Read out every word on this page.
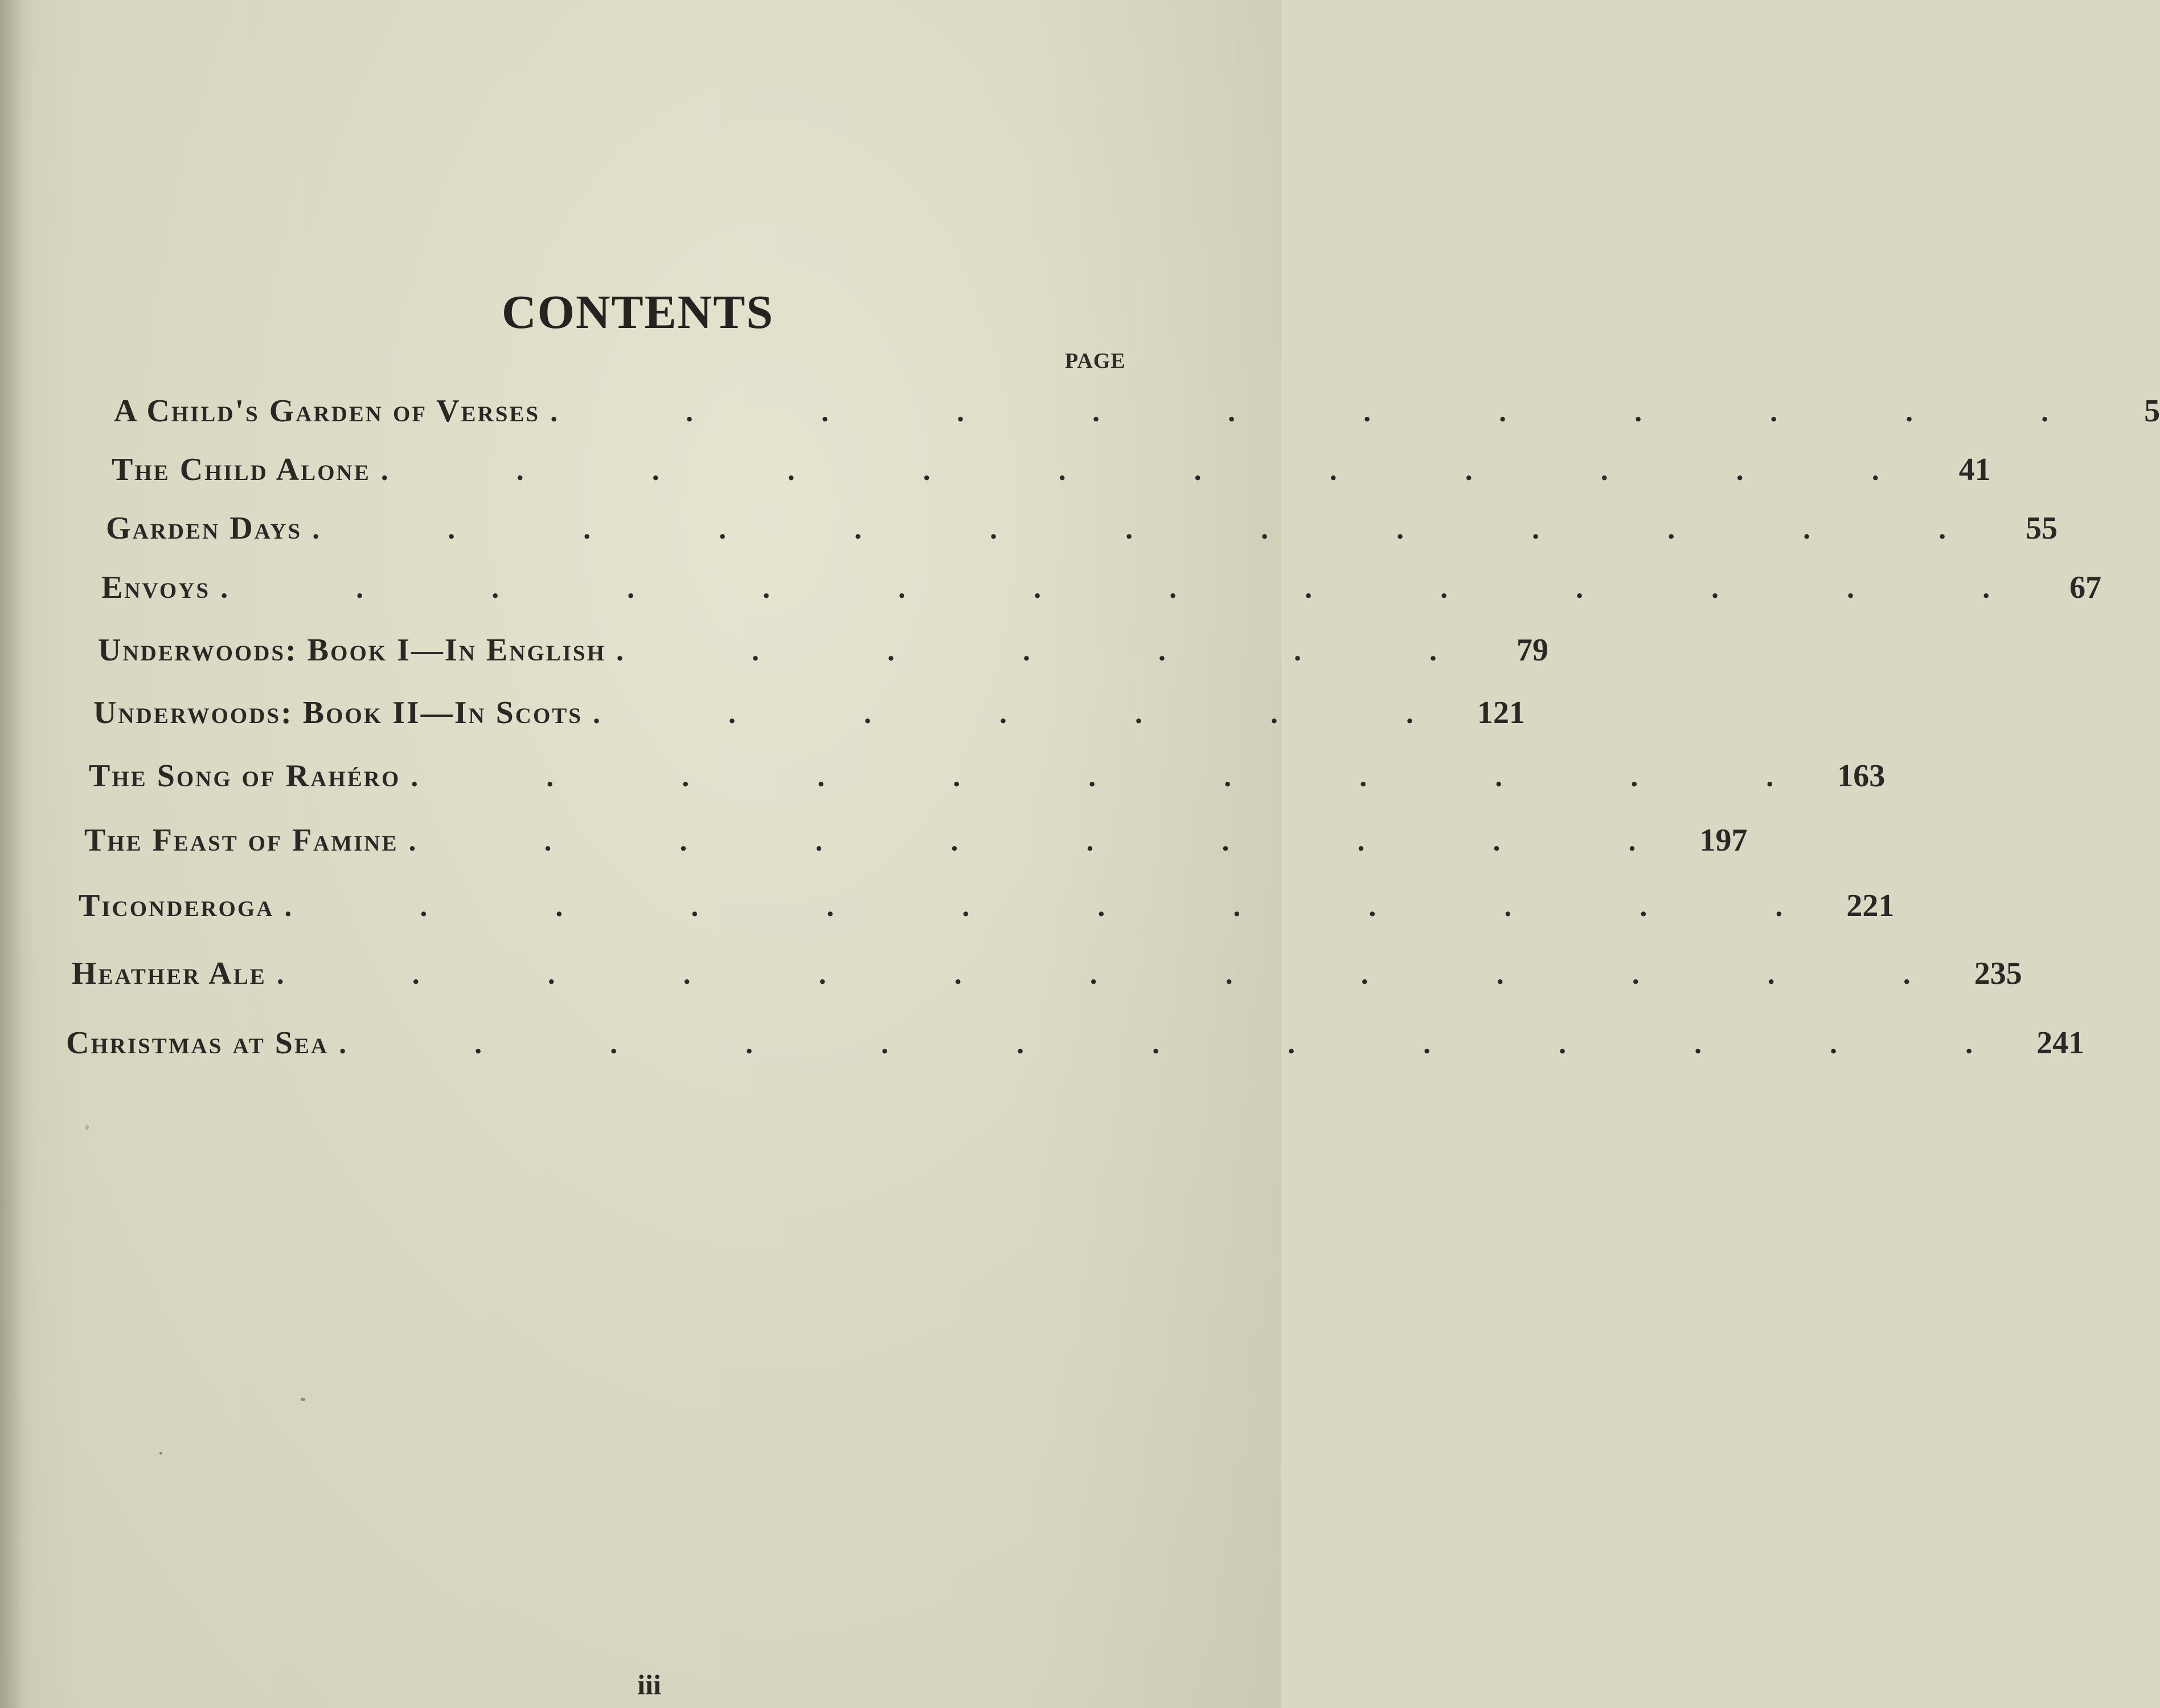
CONTENTS
PAGE
A Child's Garden of Verses . . . . . . . . . . . .	5
The Child Alone . . . . . . . . . . . . 41
Garden Days . . . . . . . . . . . . . 55
Envoys . . . . . . . . . . . . . . 67
Underwoods: Book I—In English . . . . . . . 79
Underwoods: Book II—In Scots . . . . . . . 121
The Song of Rahéro . . . . . . . . . . . 163
The Feast of Famine . . . . . . . . . . 197
Ticonderoga . . . . . . . . . . . . 221
Heather Ale . . . . . . . . . . . . . 235
Christmas at Sea . . . . . . . . . . . . . 241
iii
